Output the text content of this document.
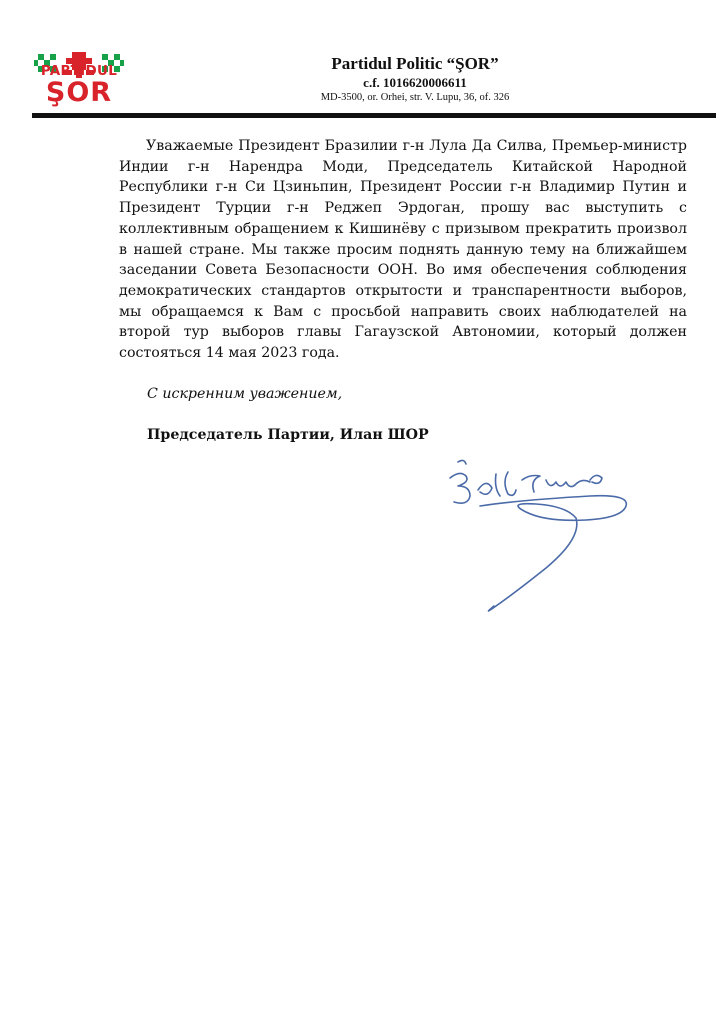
PARTIDUL
ŞOR
Partidul Politic “ŞOR”
c.f. 1016620006611
MD-3500, or. Orhei, str. V. Lupu, 36, of. 326

Уважаемые Президент Бразилии г-н Лула Да Силва, Премьер-министр Индии г-н Нарендра Моди, Председатель Китайской Народной Республики г-н Си Цзиньпин, Президент России г-н Владимир Путин и Президент Турции г-н Реджеп Эрдоган, прошу вас выступить с коллективным обращением к Кишинёву с призывом прекратить произвол в нашей стране. Мы также просим поднять данную тему на ближайшем заседании Совета Безопасности ООН. Во имя обеспечения соблюдения демократических стандартов открытости и транспарентности выборов, мы обращаемся к Вам с просьбой направить своих наблюдателей на второй тур выборов главы Гагаузской Автономии, который должен состояться 14 мая 2023 года.

С искренним уважением,
Председатель Партии, Илан ШОР
